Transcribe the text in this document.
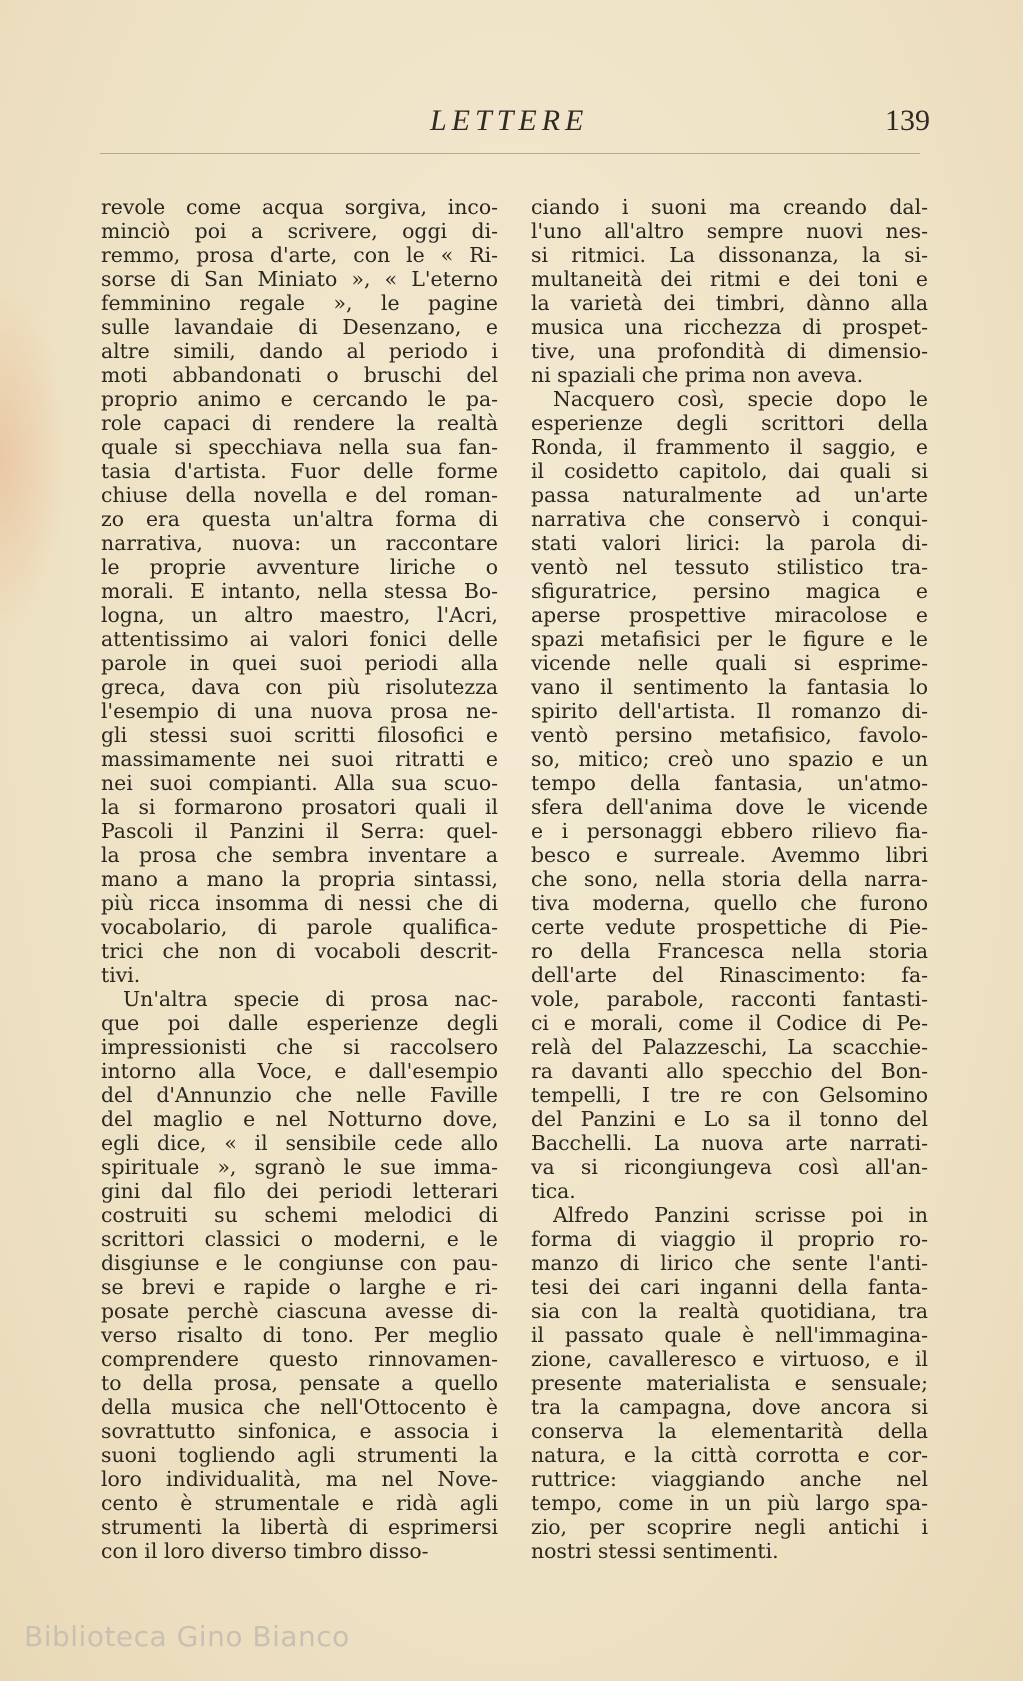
LETTERE	139

revole come acqua sorgiva, inco-

minciò poi a scrivere, oggi di-

remmo, prosa d'arte, con le « Ri-

sorse di San Miniato », « L'eterno

femminino regale », le pagine

sulle lavandaie di Desenzano, e

altre simili, dando al periodo i

moti abbandonati o bruschi del

proprio animo e cercando le pa-

role capaci di rendere la realtà

quale si specchiava nella sua fan-

tasia d'artista. Fuor delle forme

chiuse della novella e del roman-

zo era questa un'altra forma di

narrativa, nuova: un raccontare

le proprie avventure liriche o

morali. E intanto, nella stessa Bo-

logna, un altro maestro, l'Acri,

attentissimo ai valori fonici delle

parole in quei suoi periodi alla

greca, dava con più risolutezza

l'esempio di una nuova prosa ne-

gli stessi suoi scritti filosofici e

massimamente nei suoi ritratti e

nei suoi compianti. Alla sua scuo-

la si formarono prosatori quali il

Pascoli il Panzini il Serra: quel-

la prosa che sembra inventare a

mano a mano la propria sintassi,

più ricca insomma di nessi che di

vocabolario, di parole qualifica-

trici che non di vocaboli descrit-

tivi.

Un'altra specie di prosa nac-

que poi dalle esperienze degli

impressionisti che si raccolsero

intorno alla Voce, e dall'esempio

del d'Annunzio che nelle Faville

del maglio e nel Notturno dove,

egli dice, « il sensibile cede allo

spirituale », sgranò le sue imma-

gini dal filo dei periodi letterari

costruiti su schemi melodici di

scrittori classici o moderni, e le

disgiunse e le congiunse con pau-

se brevi e rapide o larghe e ri-

posate perchè ciascuna avesse di-

verso risalto di tono. Per meglio

comprendere questo rinnovamen-

to della prosa, pensate a quello

della musica che nell'Ottocento è

sovrattutto sinfonica, e associa i

suoni togliendo agli strumenti la

loro individualità, ma nel Nove-

cento è strumentale e ridà agli

strumenti la libertà di esprimersi

con il loro diverso timbro disso-

ciando i suoni ma creando dal-

l'uno all'altro sempre nuovi nes-

si ritmici. La dissonanza, la si-

multaneità dei ritmi e dei toni e

la varietà dei timbri, dànno alla

musica una ricchezza di prospet-

tive, una profondità di dimensio-

ni spaziali che prima non aveva.

Nacquero così, specie dopo le

esperienze degli scrittori della

Ronda, il frammento il saggio, e

il cosidetto capitolo, dai quali si

passa naturalmente ad un'arte

narrativa che conservò i conqui-

stati valori lirici: la parola di-

ventò nel tessuto stilistico tra-

sfiguratrice, persino magica e

aperse prospettive miracolose e

spazi metafisici per le figure e le

vicende nelle quali si esprime-

vano il sentimento la fantasia lo

spirito dell'artista. Il romanzo di-

ventò persino metafisico, favolo-

so, mitico; creò uno spazio e un

tempo della fantasia, un'atmo-

sfera dell'anima dove le vicende

e i personaggi ebbero rilievo fia-

besco e surreale. Avemmo libri

che sono, nella storia della narra-

tiva moderna, quello che furono

certe vedute prospettiche di Pie-

ro della Francesca nella storia

dell'arte del Rinascimento: fa-

vole, parabole, racconti fantasti-

ci e morali, come il Codice di Pe-

relà del Palazzeschi, La scacchie-

ra davanti allo specchio del Bon-

tempelli, I tre re con Gelsomino

del Panzini e Lo sa il tonno del

Bacchelli. La nuova arte narrati-

va si ricongiungeva così all'an-

tica.

Alfredo Panzini scrisse poi in

forma di viaggio il proprio ro-

manzo di lirico che sente l'anti-

tesi dei cari inganni della fanta-

sia con la realtà quotidiana, tra

il passato quale è nell'immagina-

zione, cavalleresco e virtuoso, e il

presente materialista e sensuale;

tra la campagna, dove ancora si

conserva la elementarità della

natura, e la città corrotta e cor-

ruttrice: viaggiando anche nel

tempo, come in un più largo spa-

zio, per scoprire negli antichi i

nostri stessi sentimenti.

Biblioteca Gino Bianco
